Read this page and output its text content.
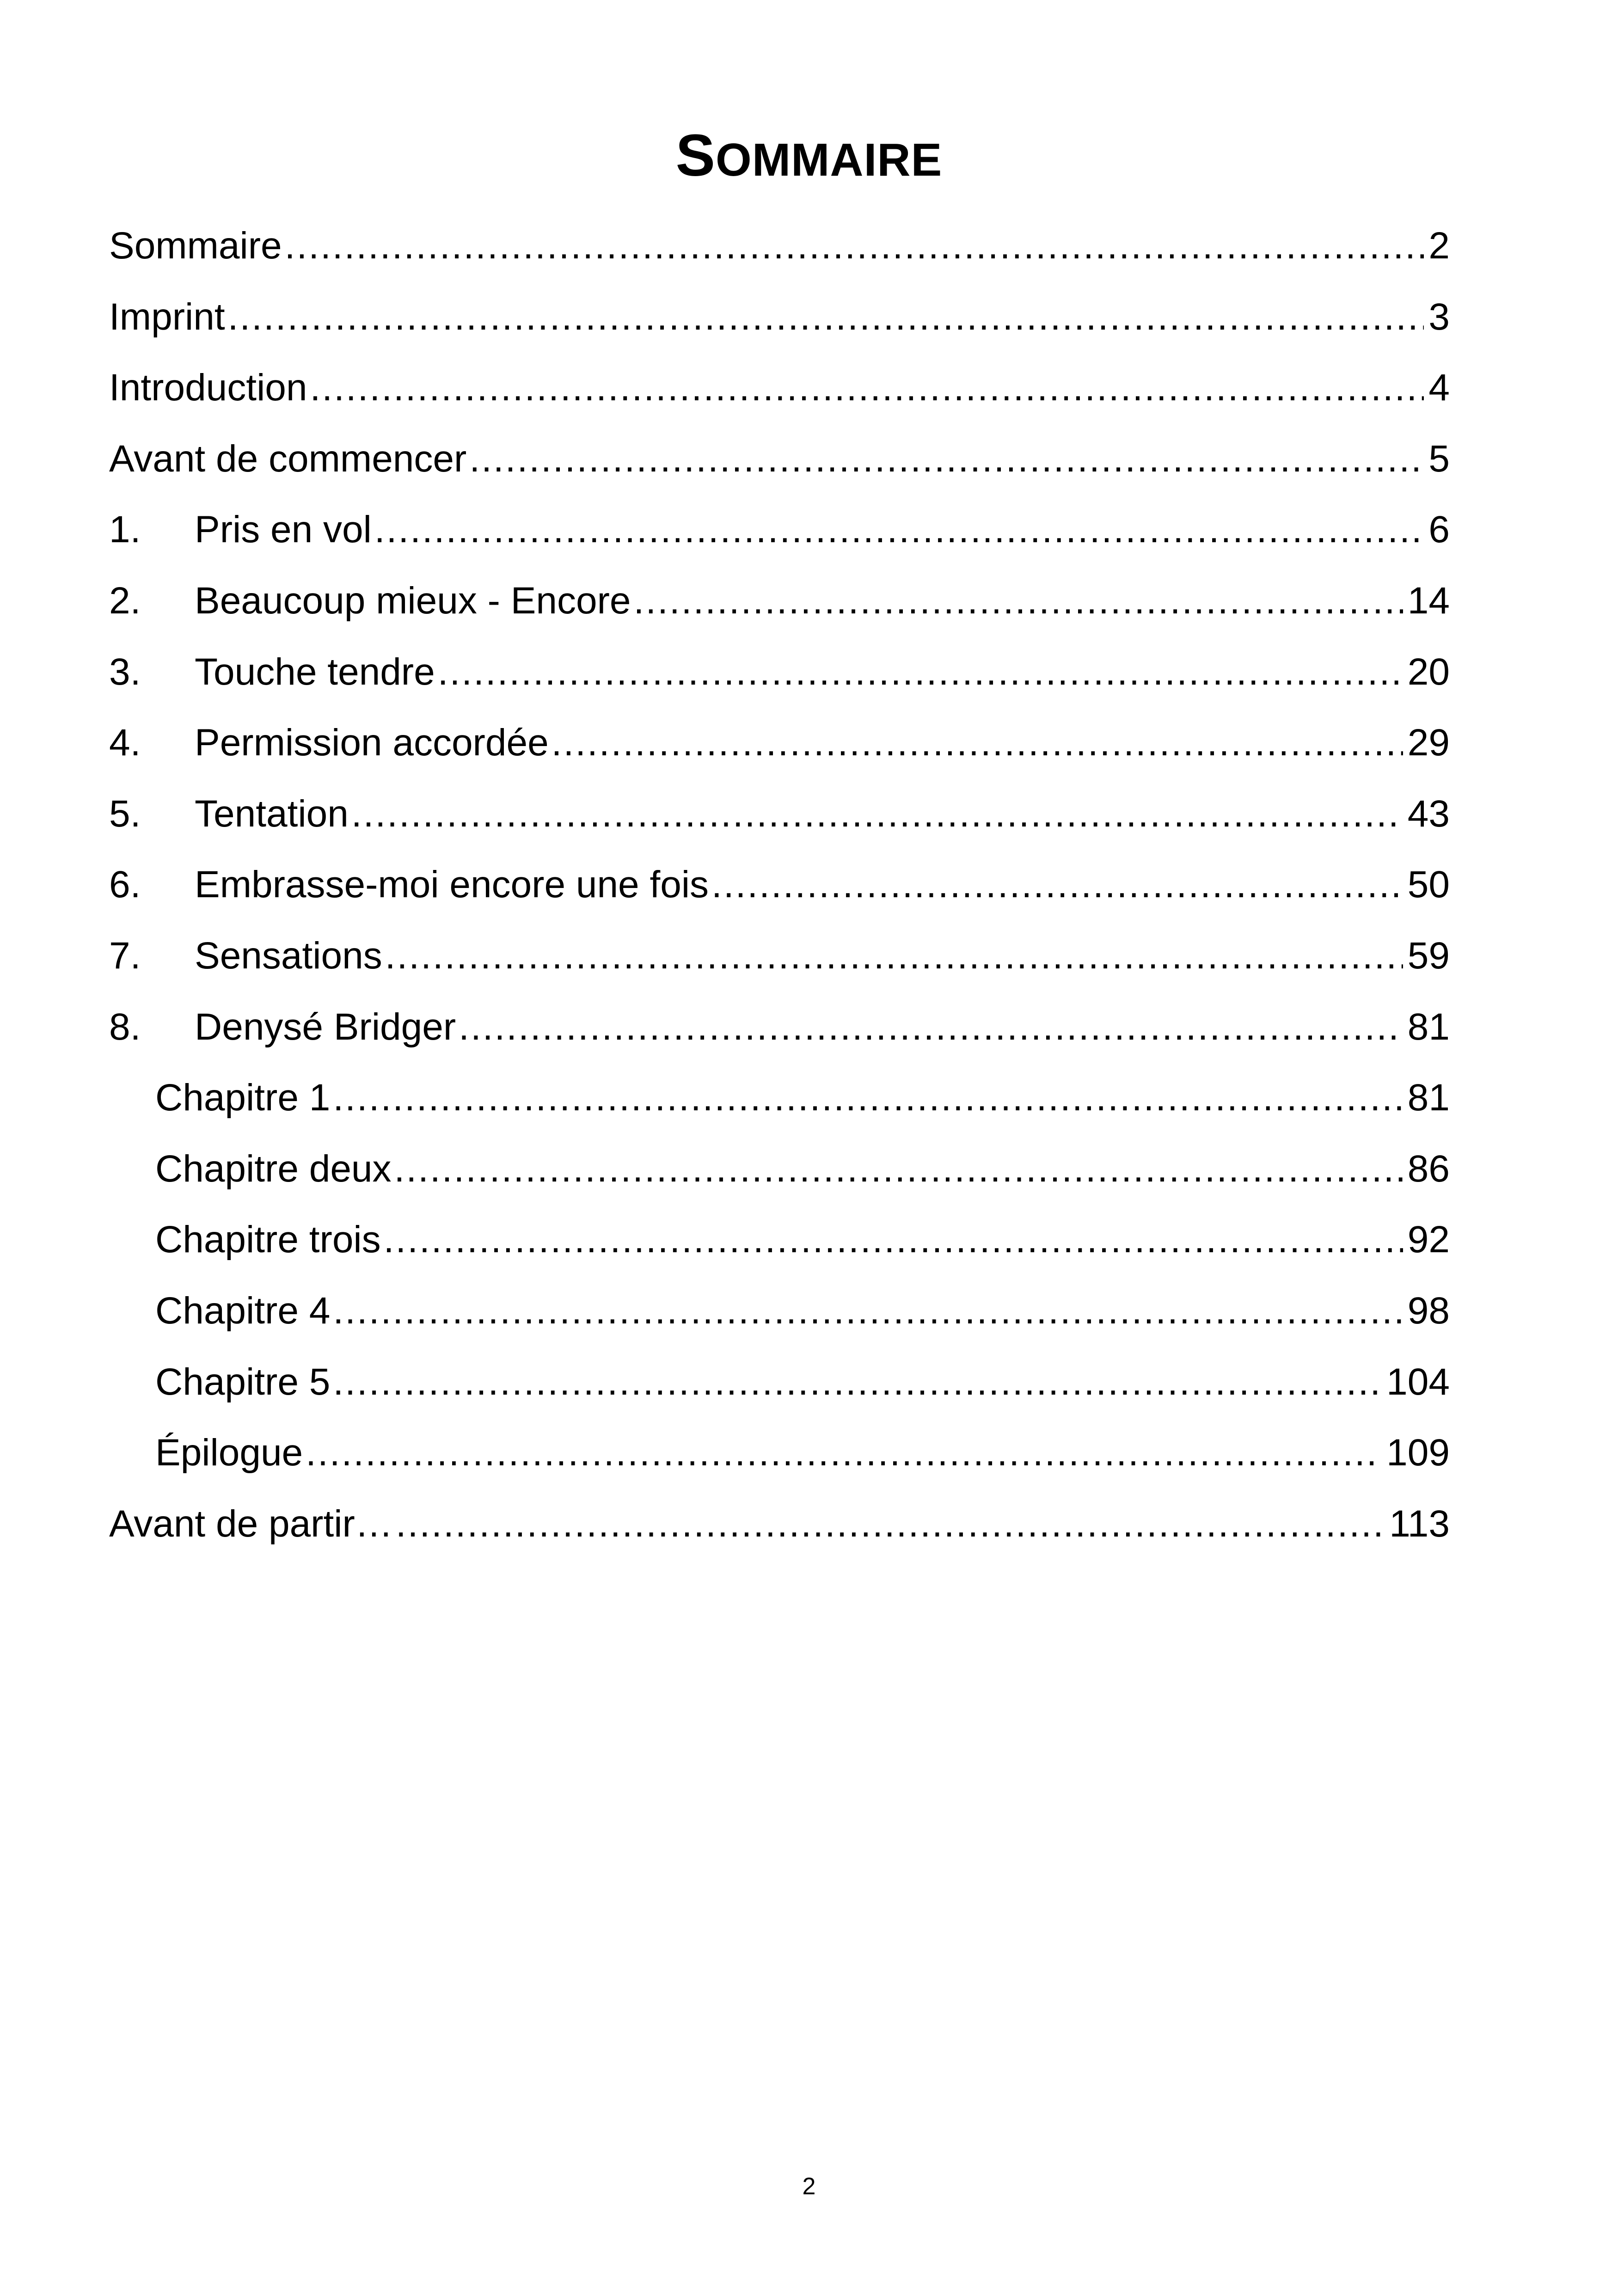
SOMMAIRE
Sommaire .....	2
Imprint .....	3
Introduction .....	4
Avant de commencer .....	5
1.	Pris en vol .....	6
2.	Beaucoup mieux - Encore .....	14
3.	Touche tendre .....	20
4.	Permission accordée .....	29
5.	Tentation .....	43
6.	Embrasse-moi encore une fois .....	50
7.	Sensations .....	59
8.	Denysé Bridger .....	81
Chapitre 1 .....	81
Chapitre deux .....	86
Chapitre trois .....	92
Chapitre 4 .....	98
Chapitre 5 .....	104
Épilogue .....	109
Avant de partir… .....	113
2
